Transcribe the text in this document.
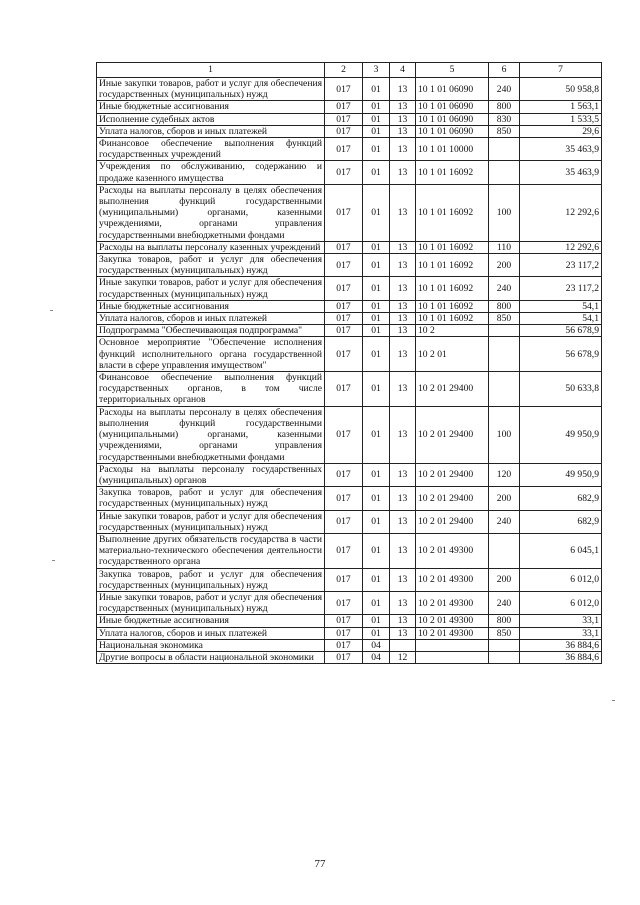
1	2	3	4	5	6	7
Иные закупки товаров, работ и услуг для обеспечения государственных (муниципальных) нужд	017	01	13	10 1 01 06090	240	50 958,8
Иные бюджетные ассигнования	017	01	13	10 1 01 06090	800	1 563,1
Исполнение судебных актов	017	01	13	10 1 01 06090	830	1 533,5
Уплата налогов, сборов и иных платежей	017	01	13	10 1 01 06090	850	29,6
Финансовое обеспечение выполнения функций государственных учреждений	017	01	13	10 1 01 10000		35 463,9
Учреждения по обслуживанию, содержанию и продаже казенного имущества	017	01	13	10 1 01 16092		35 463,9
Расходы на выплаты персоналу в целях обеспечения выполнения функций государственными (муниципальными) органами, казенными учреждениями, органами управления государственными внебюджетными фондами	017	01	13	10 1 01 16092	100	12 292,6
Расходы на выплаты персоналу казенных учреждений	017	01	13	10 1 01 16092	110	12 292,6
Закупка товаров, работ и услуг для обеспечения государственных (муниципальных) нужд	017	01	13	10 1 01 16092	200	23 117,2
Иные закупки товаров, работ и услуг для обеспечения государственных (муниципальных) нужд	017	01	13	10 1 01 16092	240	23 117,2
Иные бюджетные ассигнования	017	01	13	10 1 01 16092	800	54,1
Уплата налогов, сборов и иных платежей	017	01	13	10 1 01 16092	850	54,1
Подпрограмма "Обеспечивающая подпрограмма"	017	01	13	10 2		56 678,9
Основное мероприятие "Обеспечение исполнения функций исполнительного органа государственной власти в сфере управления имуществом"	017	01	13	10 2 01		56 678,9
Финансовое обеспечение выполнения функций государственных органов, в том числе территориальных органов	017	01	13	10 2 01 29400		50 633,8
Расходы на выплаты персоналу в целях обеспечения выполнения функций государственными (муниципальными) органами, казенными учреждениями, органами управления государственными внебюджетными фондами	017	01	13	10 2 01 29400	100	49 950,9
Расходы на выплаты персоналу государственных (муниципальных) органов	017	01	13	10 2 01 29400	120	49 950,9
Закупка товаров, работ и услуг для обеспечения государственных (муниципальных) нужд	017	01	13	10 2 01 29400	200	682,9
Иные закупки товаров, работ и услуг для обеспечения государственных (муниципальных) нужд	017	01	13	10 2 01 29400	240	682,9
Выполнение других обязательств государства в части материально-технического обеспечения деятельности государственного органа	017	01	13	10 2 01 49300		6 045,1
Закупка товаров, работ и услуг для обеспечения государственных (муниципальных) нужд	017	01	13	10 2 01 49300	200	6 012,0
Иные закупки товаров, работ и услуг для обеспечения государственных (муниципальных) нужд	017	01	13	10 2 01 49300	240	6 012,0
Иные бюджетные ассигнования	017	01	13	10 2 01 49300	800	33,1
Уплата налогов, сборов и иных платежей	017	01	13	10 2 01 49300	850	33,1
Национальная экономика	017	04				36 884,6
Другие вопросы в области национальной экономики	017	04	12			36 884,6
77
